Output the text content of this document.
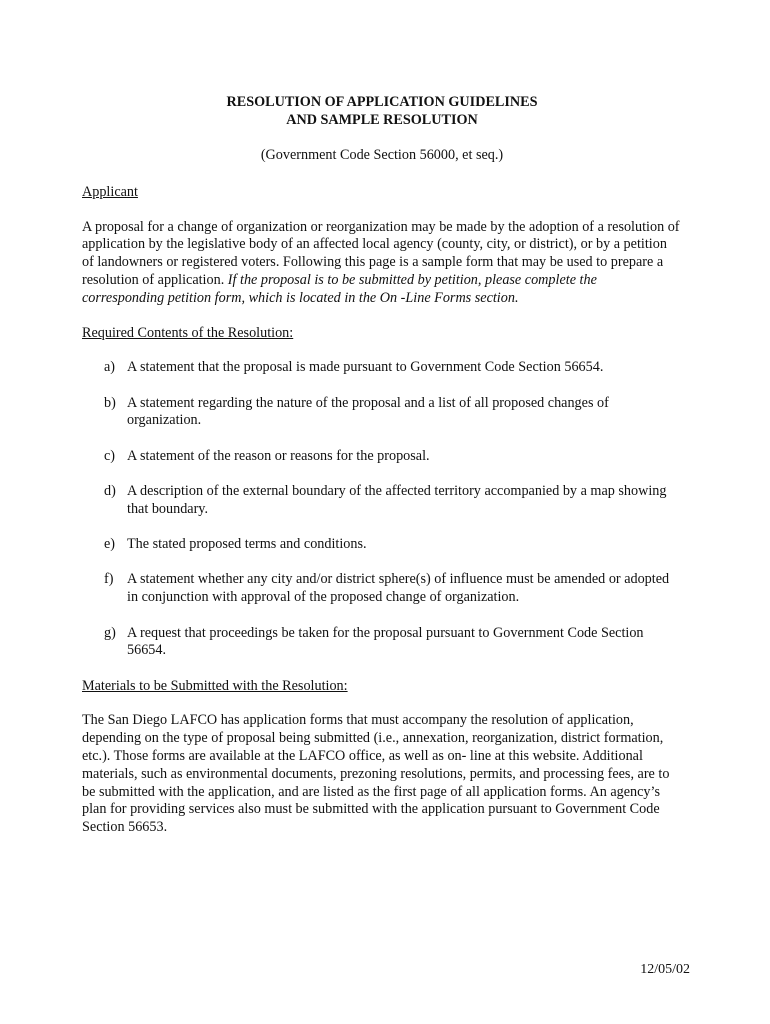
RESOLUTION OF APPLICATION GUIDELINES
AND SAMPLE RESOLUTION
(Government Code Section 56000, et seq.)
Applicant
A proposal for a change of organization or reorganization may be made by the adoption of a resolution of application by the legislative body of an affected local agency (county, city, or district), or by a petition of landowners or registered voters. Following this page is a sample form that may be used to prepare a resolution of application. If the proposal is to be submitted by petition, please complete the corresponding petition form, which is located in the On -Line Forms section.
Required Contents of the Resolution:
a) A statement that the proposal is made pursuant to Government Code Section 56654.
b) A statement regarding the nature of the proposal and a list of all proposed changes of organization.
c) A statement of the reason or reasons for the proposal.
d) A description of the external boundary of the affected territory accompanied by a map showing that boundary.
e) The stated proposed terms and conditions.
f) A statement whether any city and/or district sphere(s) of influence must be amended or adopted in conjunction with approval of the proposed change of organization.
g) A request that proceedings be taken for the proposal pursuant to Government Code Section 56654.
Materials to be Submitted with the Resolution:
The San Diego LAFCO has application forms that must accompany the resolution of application, depending on the type of proposal being submitted (i.e., annexation, reorganization, district formation, etc.). Those forms are available at the LAFCO office, as well as on- line at this website. Additional materials, such as environmental documents, prezoning resolutions, permits, and processing fees, are to be submitted with the application, and are listed as the first page of all application forms. An agency’s plan for providing services also must be submitted with the application pursuant to Government Code Section 56653.
12/05/02
